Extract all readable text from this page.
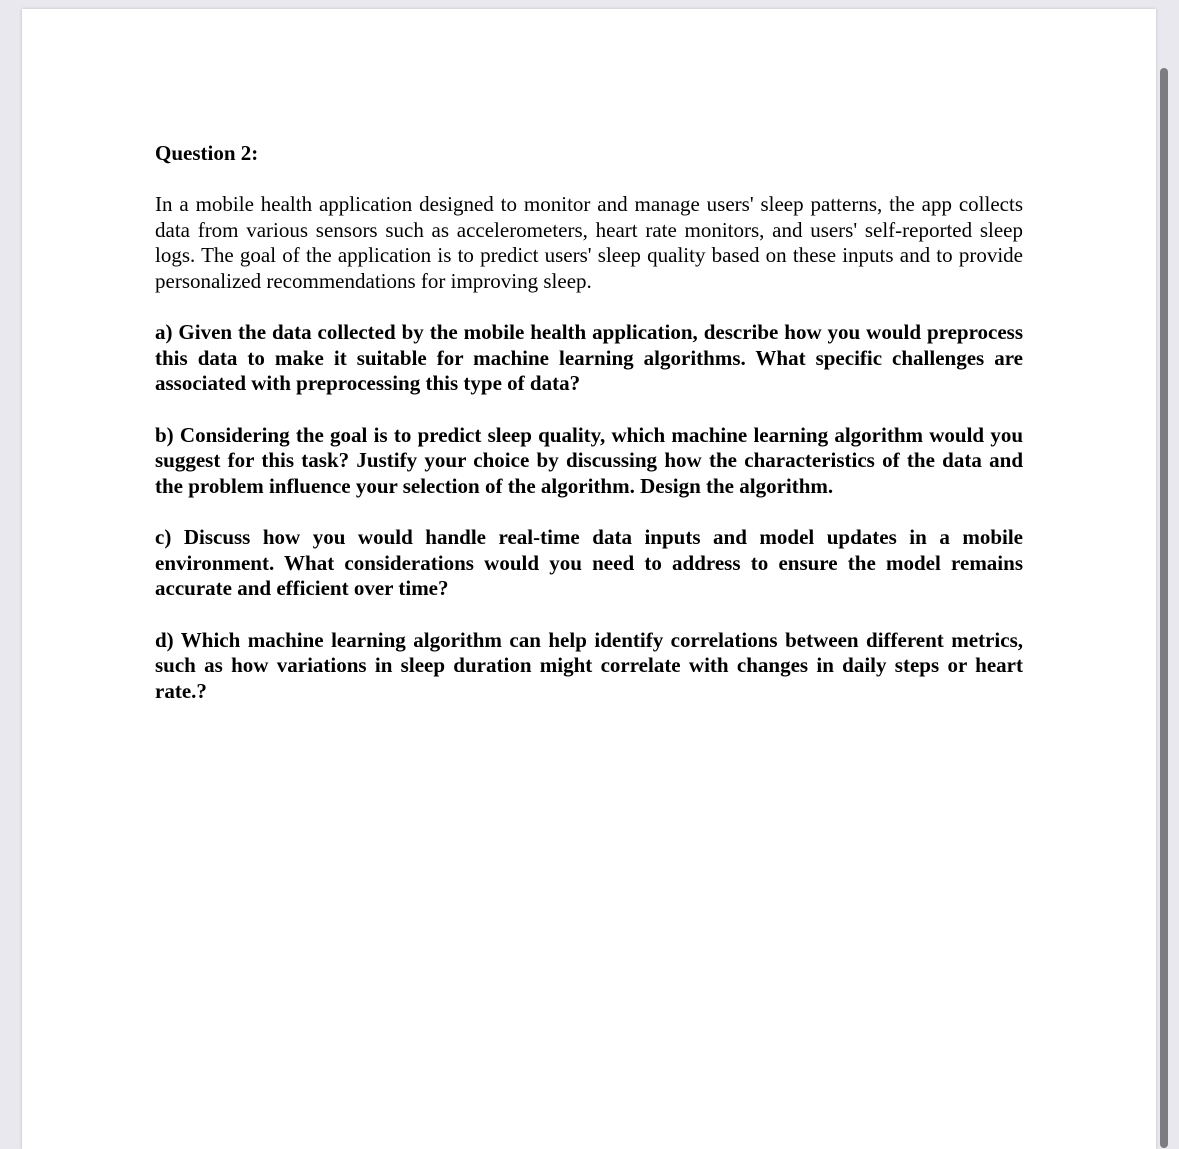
Question 2:

In a mobile health application designed to monitor and manage users' sleep patterns, the app collects data from various sensors such as accelerometers, heart rate monitors, and users' self-reported sleep logs. The goal of the application is to predict users' sleep quality based on these inputs and to provide personalized recommendations for improving sleep.

a) Given the data collected by the mobile health application, describe how you would preprocess this data to make it suitable for machine learning algorithms. What specific challenges are associated with preprocessing this type of data?

b) Considering the goal is to predict sleep quality, which machine learning algorithm would you suggest for this task? Justify your choice by discussing how the characteristics of the data and the problem influence your selection of the algorithm. Design the algorithm.

c) Discuss how you would handle real-time data inputs and model updates in a mobile environment. What considerations would you need to address to ensure the model remains accurate and efficient over time?

d) Which machine learning algorithm can help identify correlations between different metrics, such as how variations in sleep duration might correlate with changes in daily steps or heart rate.?
